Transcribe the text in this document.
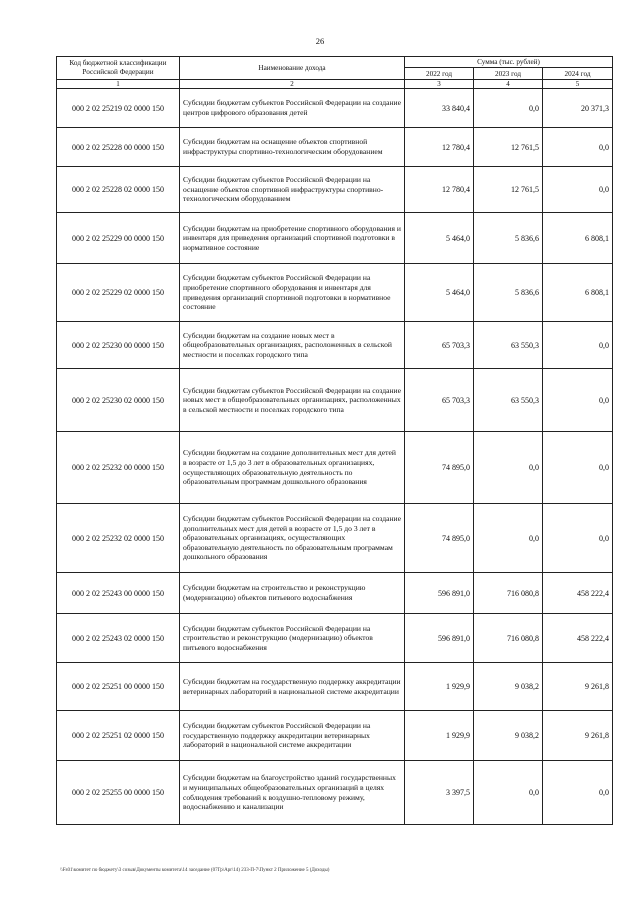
26
Код бюджетной классификации Российской Федерации	Наименование дохода	Сумма (тыс. рублей)		
		2022 год	2023 год	2024 год
1	2	3	4	5
000 2 02 25219 02 0000 150	Субсидии бюджетам субъектов Российской Федерации на создание центров цифрового образования детей	33 840,4	0,0	20 371,3
000 2 02 25228 00 0000 150	Субсидии бюджетам на оснащение объектов спортивной инфраструктуры спортивно-технологическим оборудованием	12 780,4	12 761,5	0,0
000 2 02 25228 02 0000 150	Субсидии бюджетам субъектов Российской Федерации на оснащение объектов спортивной инфраструктуры спортивно-технологическим оборудованием	12 780,4	12 761,5	0,0
000 2 02 25229 00 0000 150	Субсидии бюджетам на приобретение спортивного оборудования и инвентаря для приведения организаций спортивной подготовки в нормативное состояние	5 464,0	5 836,6	6 808,1
000 2 02 25229 02 0000 150	Субсидии бюджетам субъектов Российской Федерации на приобретение спортивного оборудования и инвентаря для приведения организаций спортивной подготовки в нормативное состояние	5 464,0	5 836,6	6 808,1
000 2 02 25230 00 0000 150	Субсидии бюджетам на создание новых мест в общеобразовательных организациях, расположенных в сельской местности и поселках городского типа	65 703,3	63 550,3	0,0
000 2 02 25230 02 0000 150	Субсидии бюджетам субъектов Российской Федерации на создание новых мест в общеобразовательных организациях, расположенных в сельской местности и поселках городского типа	65 703,3	63 550,3	0,0
000 2 02 25232 00 0000 150	Субсидии бюджетам на создание дополнительных мест для детей в возрасте от 1,5 до 3 лет в образовательных организациях, осуществляющих образовательную деятельность по образовательным программам дошкольного образования	74 895,0	0,0	0,0
000 2 02 25232 02 0000 150	Субсидии бюджетам субъектов Российской Федерации на создание дополнительных мест для детей в возрасте от 1,5 до 3 лет в образовательных организациях, осуществляющих образовательную деятельность по образовательным программам дошкольного образования	74 895,0	0,0	0,0
000 2 02 25243 00 0000 150	Субсидии бюджетам на строительство и реконструкцию (модернизацию) объектов питьевого водоснабжения	596 891,0	716 080,8	458 222,4
000 2 02 25243 02 0000 150	Субсидии бюджетам субъектов Российской Федерации на строительство и реконструкцию (модернизацию) объектов питьевого водоснабжения	596 891,0	716 080,8	458 222,4
000 2 02 25251 00 0000 150	Субсидии бюджетам на государственную поддержку аккредитации ветеринарных лабораторий в национальной системе аккредитации	1 929,9	9 038,2	9 261,8
000 2 02 25251 02 0000 150	Субсидии бюджетам субъектов Российской Федерации на государственную поддержку аккредитации ветеринарных лабораторий в национальной системе аккредитации	1 929,9	9 038,2	9 261,8
000 2 02 25255 00 0000 150	Субсидии бюджетам на благоустройство зданий государственных и муниципальных общеобразовательных организаций в целях соблюдения требований к воздушно-тепловому режиму, водоснабжению и канализации	3 397,5	0,0	0,0
\\Fs01\комитет по бюджету\3 созыв\Документы комитета\14 заседание (07Гр\Apr\14) 233-П-7\Пункт 2 Приложение 5 (Доходы)
